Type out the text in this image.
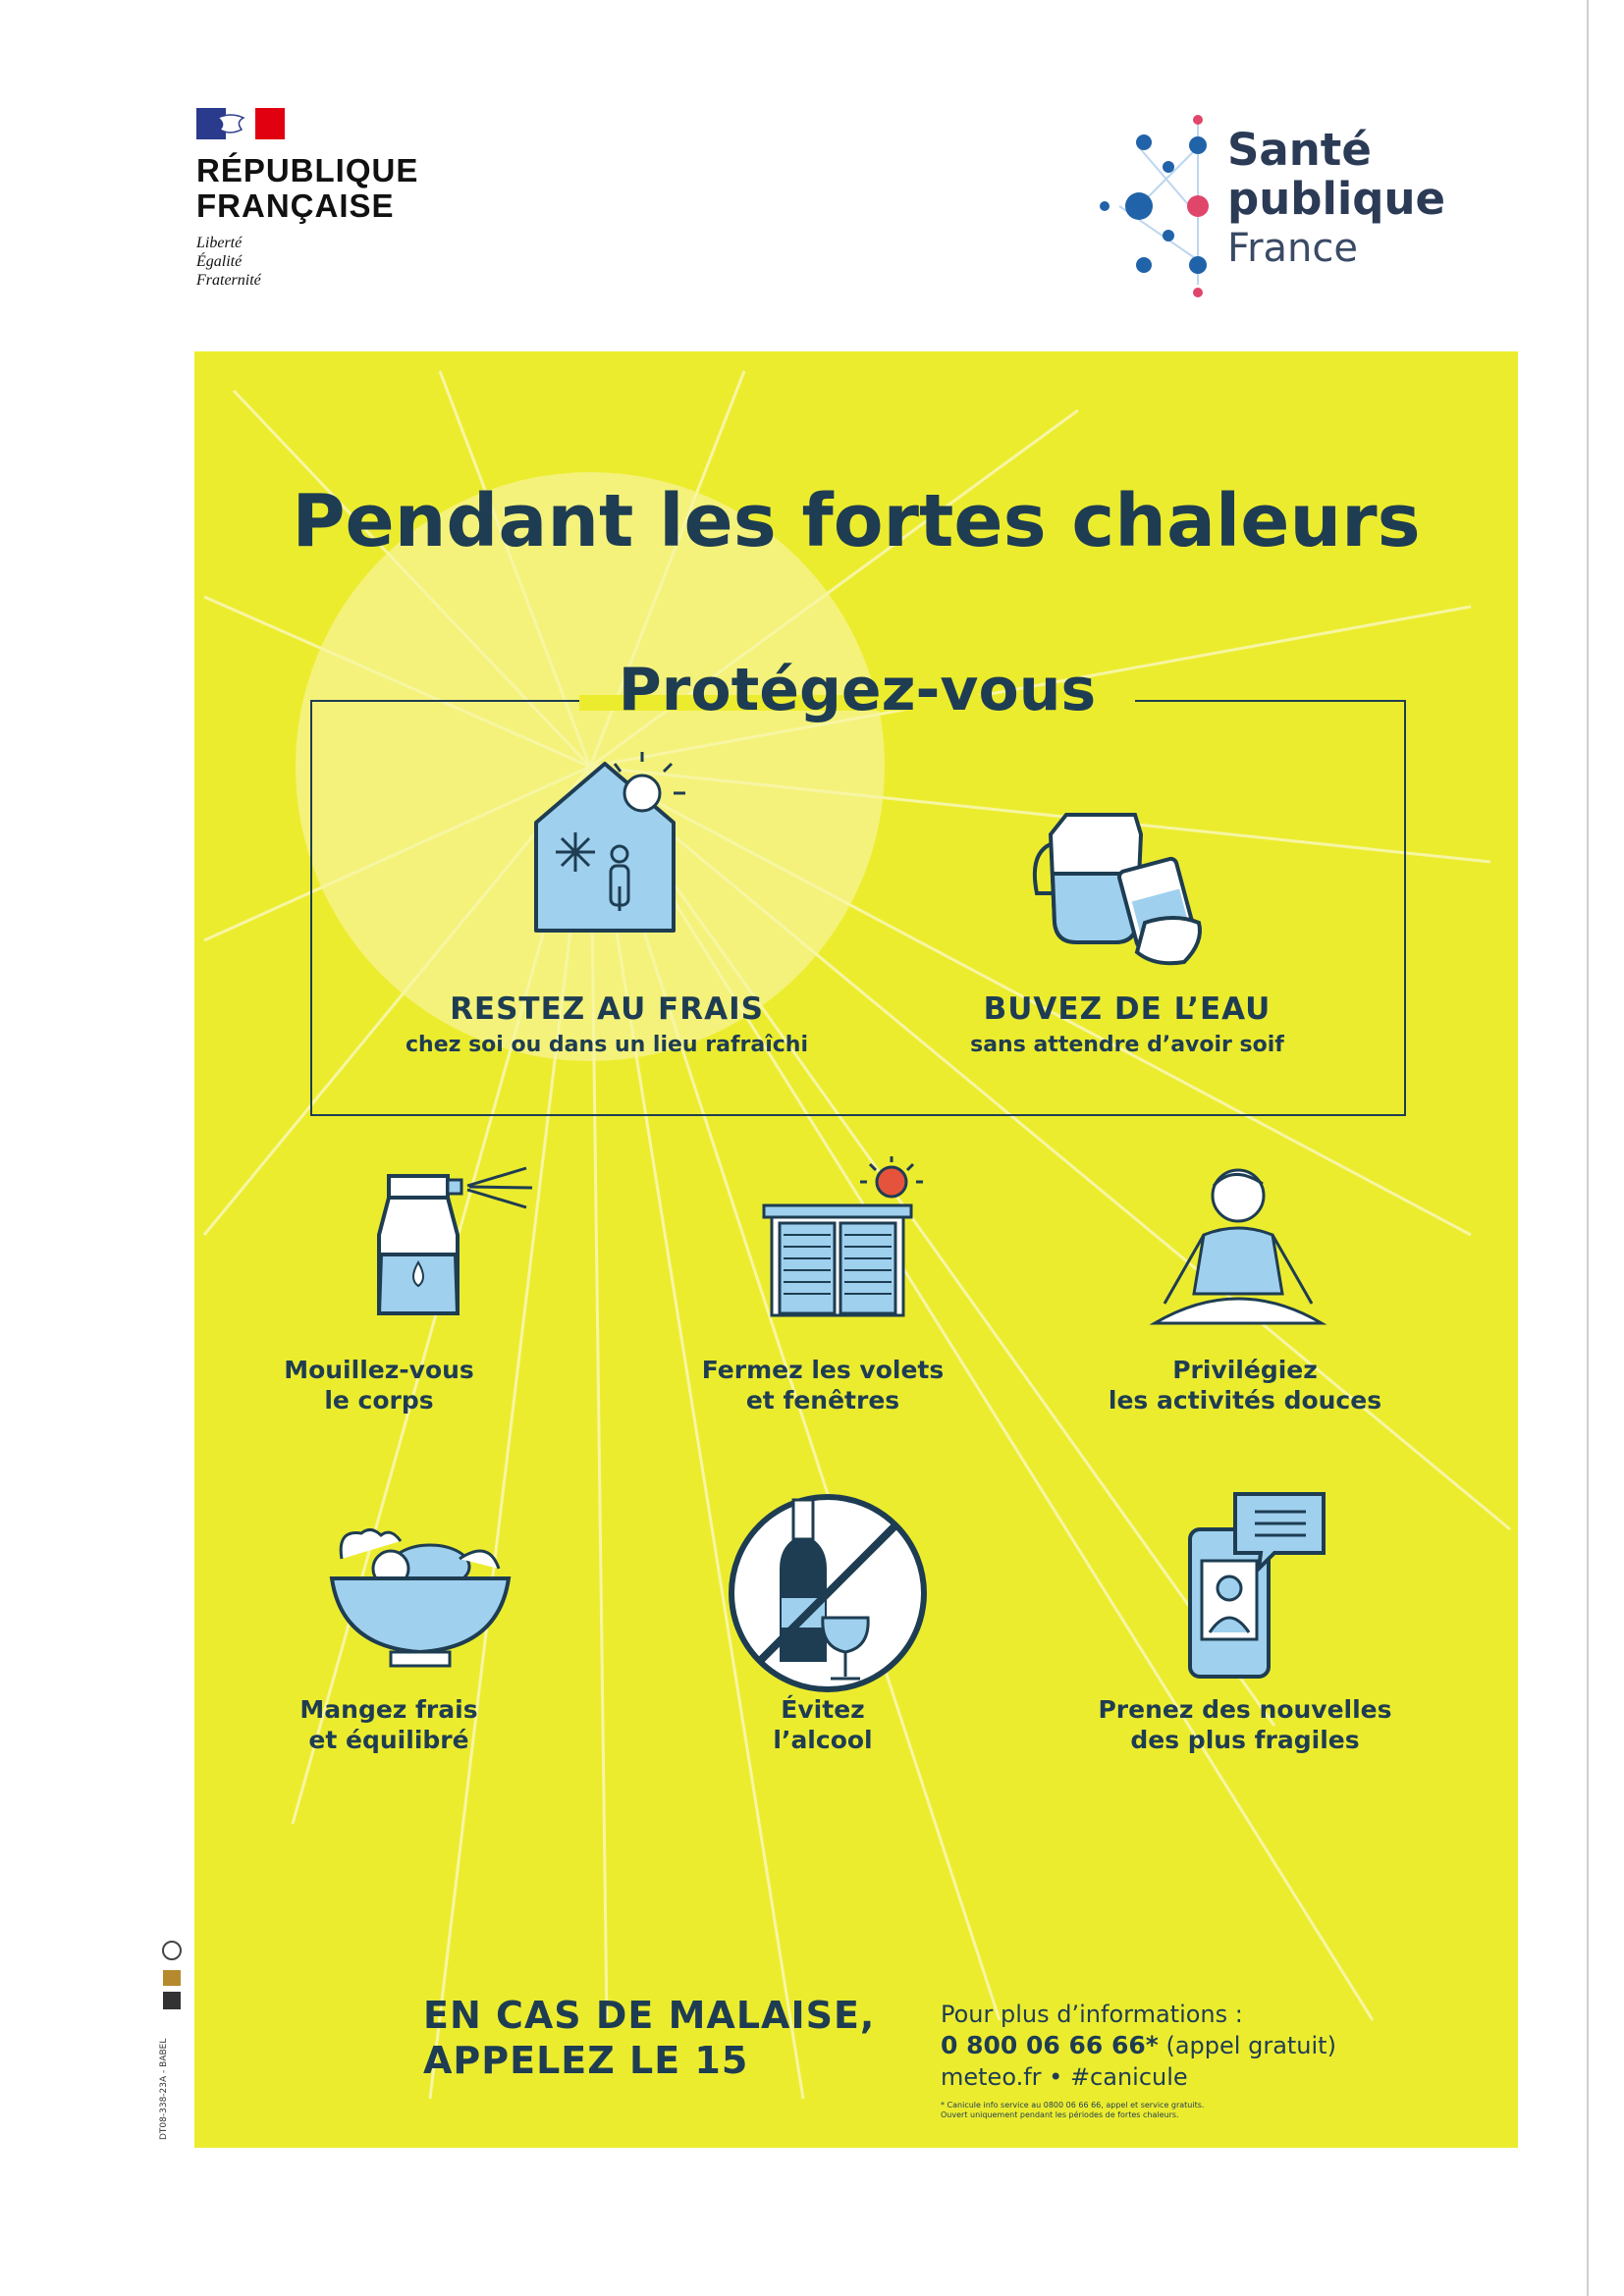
RÉPUBLIQUE
FRANÇAISE
Liberté
Égalité
Fraternité
Santé
publique
France
DT08-338-23A - BABEL
Pendant les fortes chaleurs
Protégez-vous
RESTEZ AU FRAIS
chez soi ou dans un lieu rafraîchi
BUVEZ DE L’EAU
sans attendre d’avoir soif
Mouillez-vous
le corps
Fermez les volets
et fenêtres
Privilégiez
les activités douces
Mangez frais
et équilibré
Évitez
l’alcool
Prenez des nouvelles
des plus fragiles
EN CAS DE MALAISE,
APPELEZ LE 15
Pour plus d’informations :
0 800 06 66 66* (appel gratuit)
meteo.fr • #canicule
* Canicule info service au 0800 06 66 66, appel et service gratuits.
Ouvert uniquement pendant les périodes de fortes chaleurs.
